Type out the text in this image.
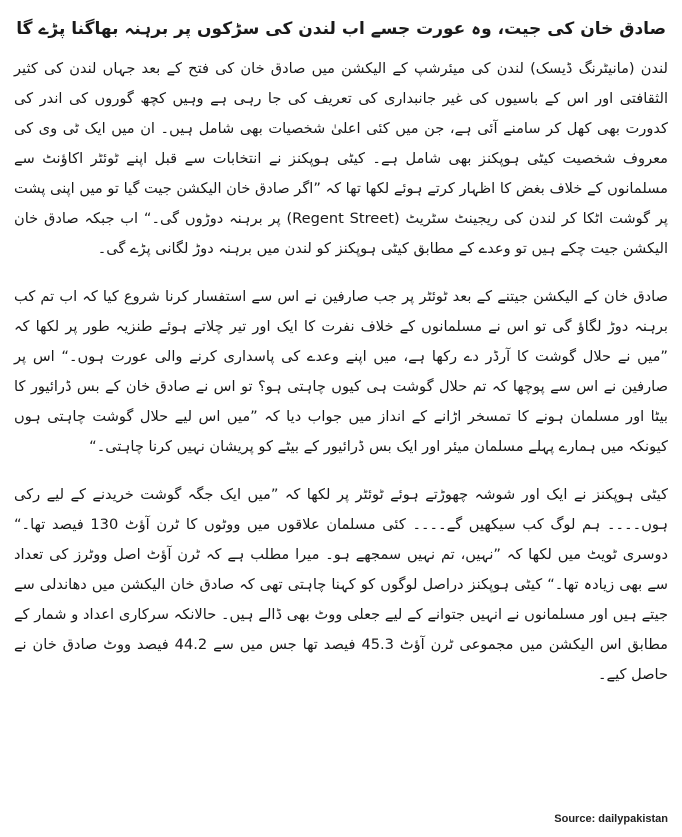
صادق خان کی جیت، وہ عورت جسے اب لندن کی سڑکوں پر برہنہ بھاگنا پڑے گا

لندن (مانیٹرنگ ڈیسک) لندن کی میئرشپ کے الیکشن میں صادق خان کی فتح کے بعد جہاں لندن کی کثیر الثقافتی اور اس کے باسیوں کی غیر جانبداری کی تعریف کی جا رہی ہے وہیں کچھ گوروں کی اندر کی کدورت بھی کھل کر سامنے آئی ہے، جن میں کئی اعلیٰ شخصیات بھی شامل ہیں۔ ان میں ایک ٹی وی کی معروف شخصیت کیٹی ہوپکنز بھی شامل ہے۔ کیٹی ہوپکنز نے انتخابات سے قبل اپنے ٹوئٹر اکاؤنٹ سے مسلمانوں کے خلاف بغض کا اظہار کرتے ہوئے لکھا تھا کہ ”اگر صادق خان الیکشن جیت گیا تو میں اپنی پشت پر گوشت اٹکا کر لندن کی ریجینٹ سٹریٹ (Regent Street) پر برہنہ دوڑوں گی۔“ اب جبکہ صادق خان الیکشن جیت چکے ہیں تو وعدے کے مطابق کیٹی ہوپکنز کو لندن میں برہنہ دوڑ لگانی پڑے گی۔

صادق خان کے الیکشن جیتنے کے بعد ٹوئٹر پر جب صارفین نے اس سے استفسار کرنا شروع کیا کہ اب تم کب برہنہ دوڑ لگاؤ گی تو اس نے مسلمانوں کے خلاف نفرت کا ایک اور تیر چلاتے ہوئے طنزیہ طور پر لکھا کہ ”میں نے حلال گوشت کا آرڈر دے رکھا ہے، میں اپنے وعدے کی پاسداری کرنے والی عورت ہوں۔“ اس پر صارفین نے اس سے پوچھا کہ تم حلال گوشت ہی کیوں چاہتی ہو؟ تو اس نے صادق خان کے بس ڈرائیور کا بیٹا اور مسلمان ہونے کا تمسخر اڑانے کے انداز میں جواب دیا کہ ”میں اس لیے حلال گوشت چاہتی ہوں کیونکہ میں ہمارے پہلے مسلمان میئر اور ایک بس ڈرائیور کے بیٹے کو پریشان نہیں کرنا چاہتی۔“

کیٹی ہوپکنز نے ایک اور شوشہ چھوڑتے ہوئے ٹوئٹر پر لکھا کہ ”میں ایک جگہ گوشت خریدنے کے لیے رکی ہوں۔۔۔۔ ہم لوگ کب سیکھیں گے۔۔۔۔ کئی مسلمان علاقوں میں ووٹوں کا ٹرن آؤٹ 130 فیصد تھا۔“ دوسری ٹویٹ میں لکھا کہ ”نہیں، تم نہیں سمجھے ہو۔ میرا مطلب ہے کہ ٹرن آؤٹ اصل ووٹرز کی تعداد سے بھی زیادہ تھا۔“ کیٹی ہوپکنز دراصل لوگوں کو کہنا چاہتی تھی کہ صادق خان الیکشن میں دھاندلی سے جیتے ہیں اور مسلمانوں نے انہیں جتوانے کے لیے جعلی ووٹ بھی ڈالے ہیں۔ حالانکہ سرکاری اعداد و شمار کے مطابق اس الیکشن میں مجموعی ٹرن آؤٹ 45.3 فیصد تھا جس میں سے 44.2 فیصد ووٹ صادق خان نے حاصل کیے۔

Source: dailypakistan
